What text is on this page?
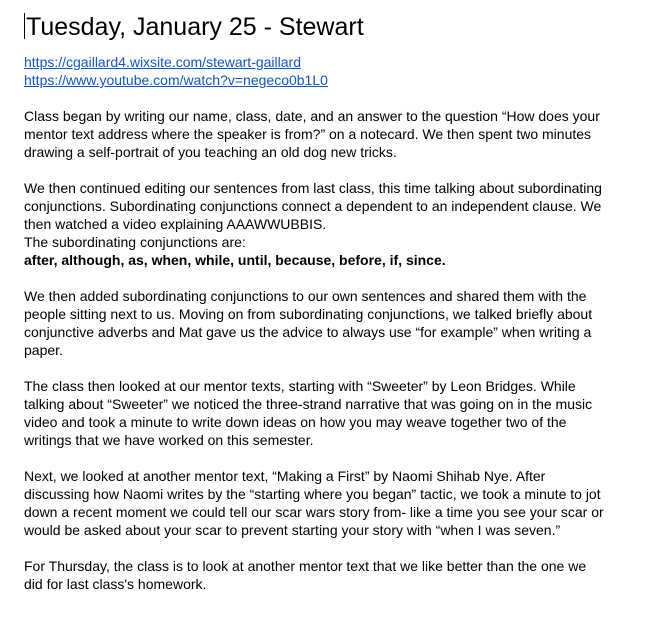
Tuesday, January 25 - Stewart
https://cgaillard4.wixsite.com/stewart-gaillard
https://www.youtube.com/watch?v=negeco0b1L0

Class began by writing our name, class, date, and an answer to the question “How does your
mentor text address where the speaker is from?” on a notecard. We then spent two minutes
drawing a self-portrait of you teaching an old dog new tricks.

We then continued editing our sentences from last class, this time talking about subordinating
conjunctions. Subordinating conjunctions connect a dependent to an independent clause. We
then watched a video explaining AAAWWUBBIS.
The subordinating conjunctions are:
after, although, as, when, while, until, because, before, if, since.

We then added subordinating conjunctions to our own sentences and shared them with the
people sitting next to us. Moving on from subordinating conjunctions, we talked briefly about
conjunctive adverbs and Mat gave us the advice to always use “for example” when writing a
paper.

The class then looked at our mentor texts, starting with “Sweeter” by Leon Bridges. While
talking about “Sweeter” we noticed the three-strand narrative that was going on in the music
video and took a minute to write down ideas on how you may weave together two of the
writings that we have worked on this semester.

Next, we looked at another mentor text, “Making a First” by Naomi Shihab Nye. After
discussing how Naomi writes by the “starting where you began” tactic, we took a minute to jot
down a recent moment we could tell our scar wars story from- like a time you see your scar or
would be asked about your scar to prevent starting your story with “when I was seven.”

For Thursday, the class is to look at another mentor text that we like better than the one we
did for last class's homework.
